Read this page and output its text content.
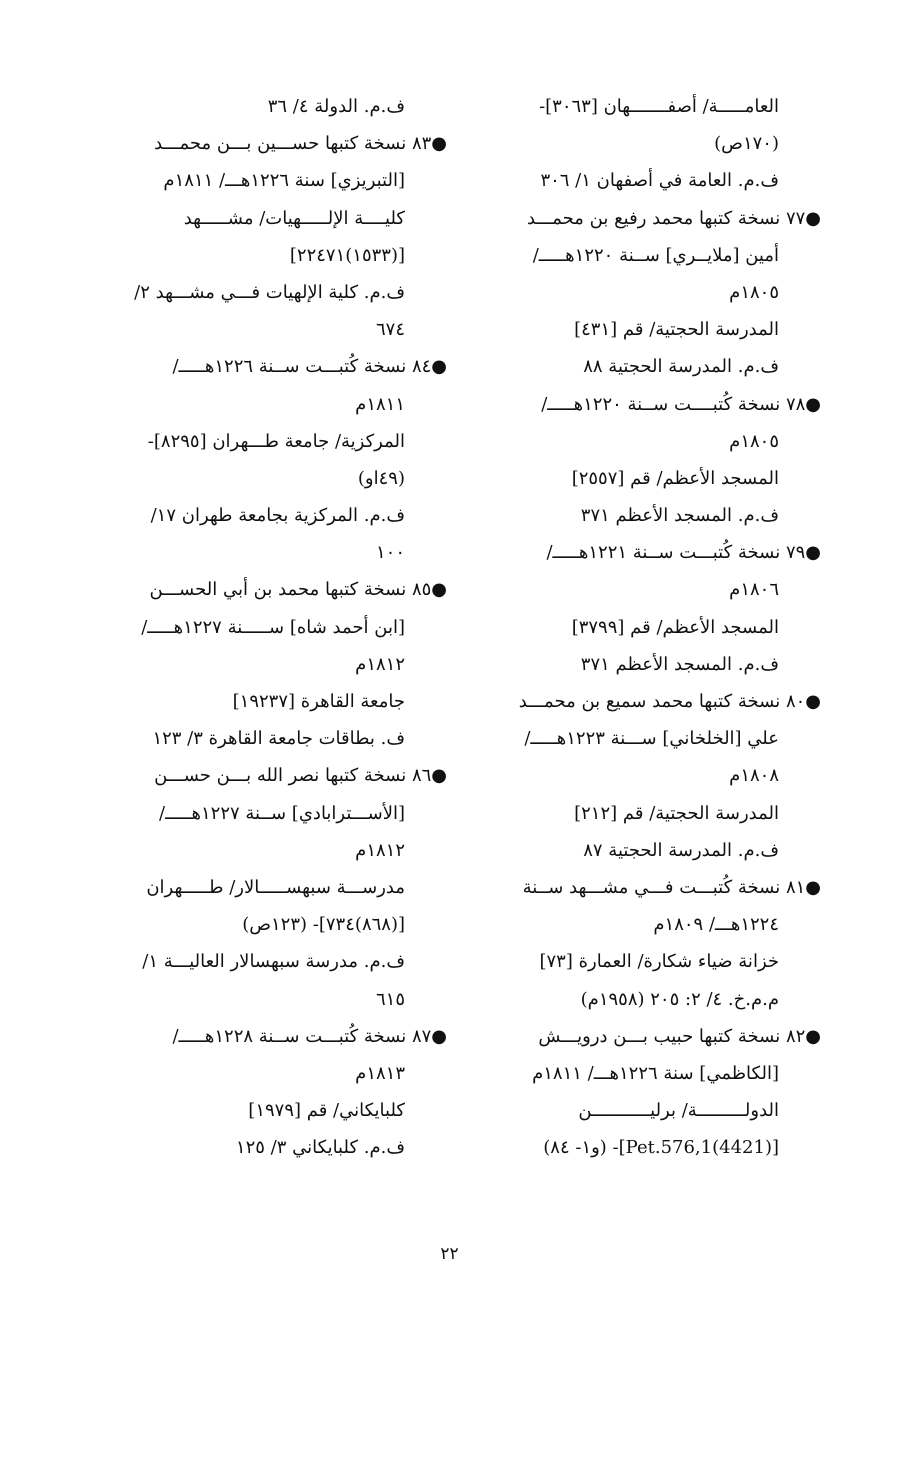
العامـــــة/ أصفـــــــهان [٣٠٦٣]-
(١٧٠ص)
ف.م. العامة في أصفهان ١/ ٣٠٦
●٧٧ نسخة كتبها محمد رفيع بن محمـــد
أمين [ملايــري] ســنة ١٢٢٠هـــــ/
١٨٠٥م
المدرسة الحجتية/ قم [٤٣١]
ف.م. المدرسة الحجتية ٨٨
●٧٨ نسخة كُتبــــت ســنة ١٢٢٠هـــــ/
١٨٠٥م
المسجد الأعظم/ قم [٢٥٥٧]
ف.م. المسجد الأعظم ٣٧١
●٧٩ نسخة كُتبـــت ســنة ١٢٢١هـــــ/
١٨٠٦م
المسجد الأعظم/ قم [٣٧٩٩]
ف.م. المسجد الأعظم ٣٧١
●٨٠ نسخة كتبها محمد سميع بن محمـــد
علي [الخلخاني] ســـنة ١٢٢٣هـــــ/
١٨٠٨م
المدرسة الحجتية/ قم [٢١٢]
ف.م. المدرسة الحجتية ٨٧
●٨١ نسخة كُتبـــت فـــي مشـــهد ســنة
١٢٢٤هـــ/ ١٨٠٩م
خزانة ضياء شكارة/ العمارة [٧٣]
م.م.خ. ٤/ ٢: ٢٠٥ (١٩٥٨م)
●٨٢ نسخة كتبها حبيب بـــن درويـــش
[الكاظمي] سنة ١٢٢٦هـــ/ ١٨١١م
الدولـــــــــة/ برليـــــــــــن
[(4421)Pet.576,1]- (و١- ٨٤)
ف.م. الدولة ٤/ ٣٦
●٨٣ نسخة كتبها حســـين بـــن محمـــد
[التبريزي] سنة ١٢٢٦هـــ/ ١٨١١م
كليــــة الإلـــــهيات/ مشـــــهد
[(١٥٣٣)٢٢٤٧١]
ف.م. كلية الإلهيات فـــي مشـــهد ٢/
٦٧٤
●٨٤ نسخة كُتبـــت ســنة ١٢٢٦هـــــ/
١٨١١م
المركزية/ جامعة طـــهران [٨٢٩٥]-
(٤٩او)
ف.م. المركزية بجامعة طهران ١٧/
١٠٠
●٨٥ نسخة كتبها محمد بن أبي الحســـن
[ابن أحمد شاه] ســـــنة ١٢٢٧هـــــ/
١٨١٢م
جامعة القاهرة [١٩٢٣٧]
ف. بطاقات جامعة القاهرة ٣/ ١٢٣
●٨٦ نسخة كتبها نصر الله بـــن حســـن
[الأســـترابادي] ســنة ١٢٢٧هـــــ/
١٨١٢م
مدرســـة سبهســـــالار/ طـــــهران
[(٨٦٨)٧٣٤]- (١٢٣ص)
ف.م. مدرسة سبهسالار العاليـــة ١/
٦١٥
●٨٧ نسخة كُتبـــت ســنة ١٢٢٨هـــــ/
١٨١٣م
كلبايكاني/ قم [١٩٧٩]
ف.م. كلبايكاني ٣/ ١٢٥
٢٢
